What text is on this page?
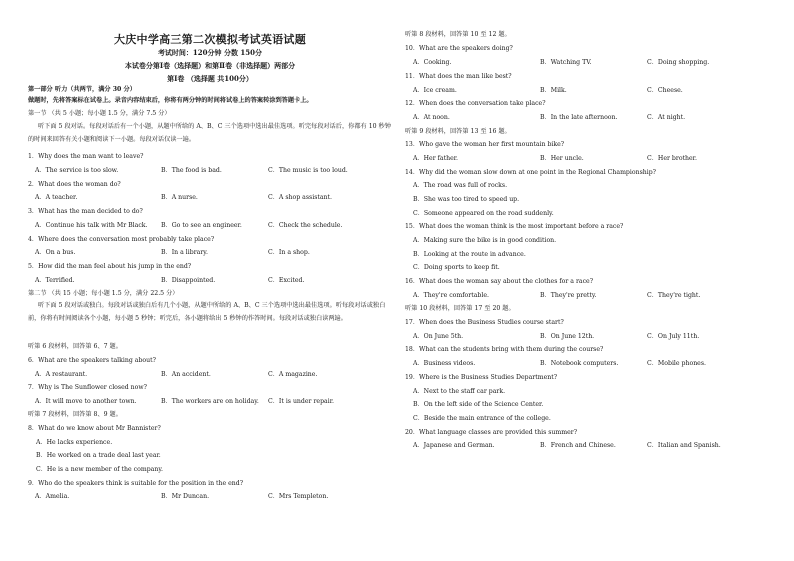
大庆中学高三第二次模拟考试英语试题
考试时间：120分钟 分数 150分
本试卷分第Ⅰ卷（选择题）和第Ⅱ卷（非选择题）两部分
第Ⅰ卷 （选择题 共100分）
第一部分 听力（共两节，满分 30 分）
做题时，先将答案标在试卷上。录音内容结束后，你将有两分钟的时间将试卷上的答案转涂到答题卡上。
第一节 （共 5 小题；每小题 1.5 分，满分 7.5 分）
听下面 5 段对话。每段对话后有一个小题，从题中所给的 A、B、C 三个选项中选出最佳选项。听完每段对话后，你都有 10 秒钟的时间来回答有关小题和阅读下一小题。每段对话仅读一遍。
1．Why does the man want to leave?
A．The service is too slow.	B．The food is bad.	C．The music is too loud.
2．What does the woman do?
A．A teacher.	B．A nurse.	C．A shop assistant.
3．What has the man decided to do?
A．Continue his talk with Mr Black. B．Go to see an engineer.	C．Check the schedule.
4．Where does the conversation most probably take place?
A．On a bus.	B．In a library.	C．In a shop.
5．How did the man feel about his jump in the end?
A．Terrified.	B．Disappointed.	C．Excited.
第二节 （共 15 小题；每小题 1.5 分，满分 22.5 分）
听下面 5 段对话或独白。每段对话或独白后有几个小题，从题中所给的 A、B、C 三个选项中选出最佳选项。听每段对话或独白前，你将有时间阅读各个小题，每小题 5 秒钟；听完后，各小题将给出 5 秒钟的作答时间。每段对话或独白读两遍。
听第 6 段材料，回答第 6、7 题。
6．What are the speakers talking about?
A．A restaurant.	B．An accident.	C．A magazine.
7．Why is The Sunflower closed now?
A．It will move to another town.	B．The workers are on holiday. C．It is under repair.
听第 7 段材料，回答第 8、9 题。
8．What do we know about Mr Bannister?
A．He lacks experience.
B．He worked on a trade deal last year.
C．He is a new member of the company.
9．Who do the speakers think is suitable for the position in the end?
A．Amelia.	B．Mr Duncan.	C．Mrs Templeton.
听第 8 段材料，回答第 10 至 12 题。
10．What are the speakers doing?
A．Cooking.	B．Watching TV.	C．Doing shopping.
11．What does the man like best?
A．Ice cream.	B．Milk.	C．Cheese.
12．When does the conversation take place?
A．At noon.	B．In the late afternoon.	C．At night.
听第 9 段材料，回答第 13 至 16 题。
13．Who gave the woman her first mountain bike?
A．Her father.	B．Her uncle.	C．Her brother.
14．Why did the woman slow down at one point in the Regional Championship?
A．The road was full of rocks.
B．She was too tired to speed up.
C．Someone appeared on the road suddenly.
15．What does the woman think is the most important before a race?
A．Making sure the bike is in good condition.
B．Looking at the route in advance.
C．Doing sports to keep fit.
16．What does the woman say about the clothes for a race?
A．They're comfortable.	B．They're pretty.	C．They're tight.
听第 10 段材料，回答第 17 至 20 题。
17．When does the Business Studies course start?
A．On June 5th.	B．On June 12th.	C．On July 11th.
18．What can the students bring with them during the course?
A．Business videos.	B．Notebook computers.	C．Mobile phones.
19．Where is the Business Studies Department?
A．Next to the staff car park.
B．On the left side of the Science Center.
C．Beside the main entrance of the college.
20．What language classes are provided this summer?
A．Japanese and German.	B．French and Chinese.	C．Italian and Spanish.
